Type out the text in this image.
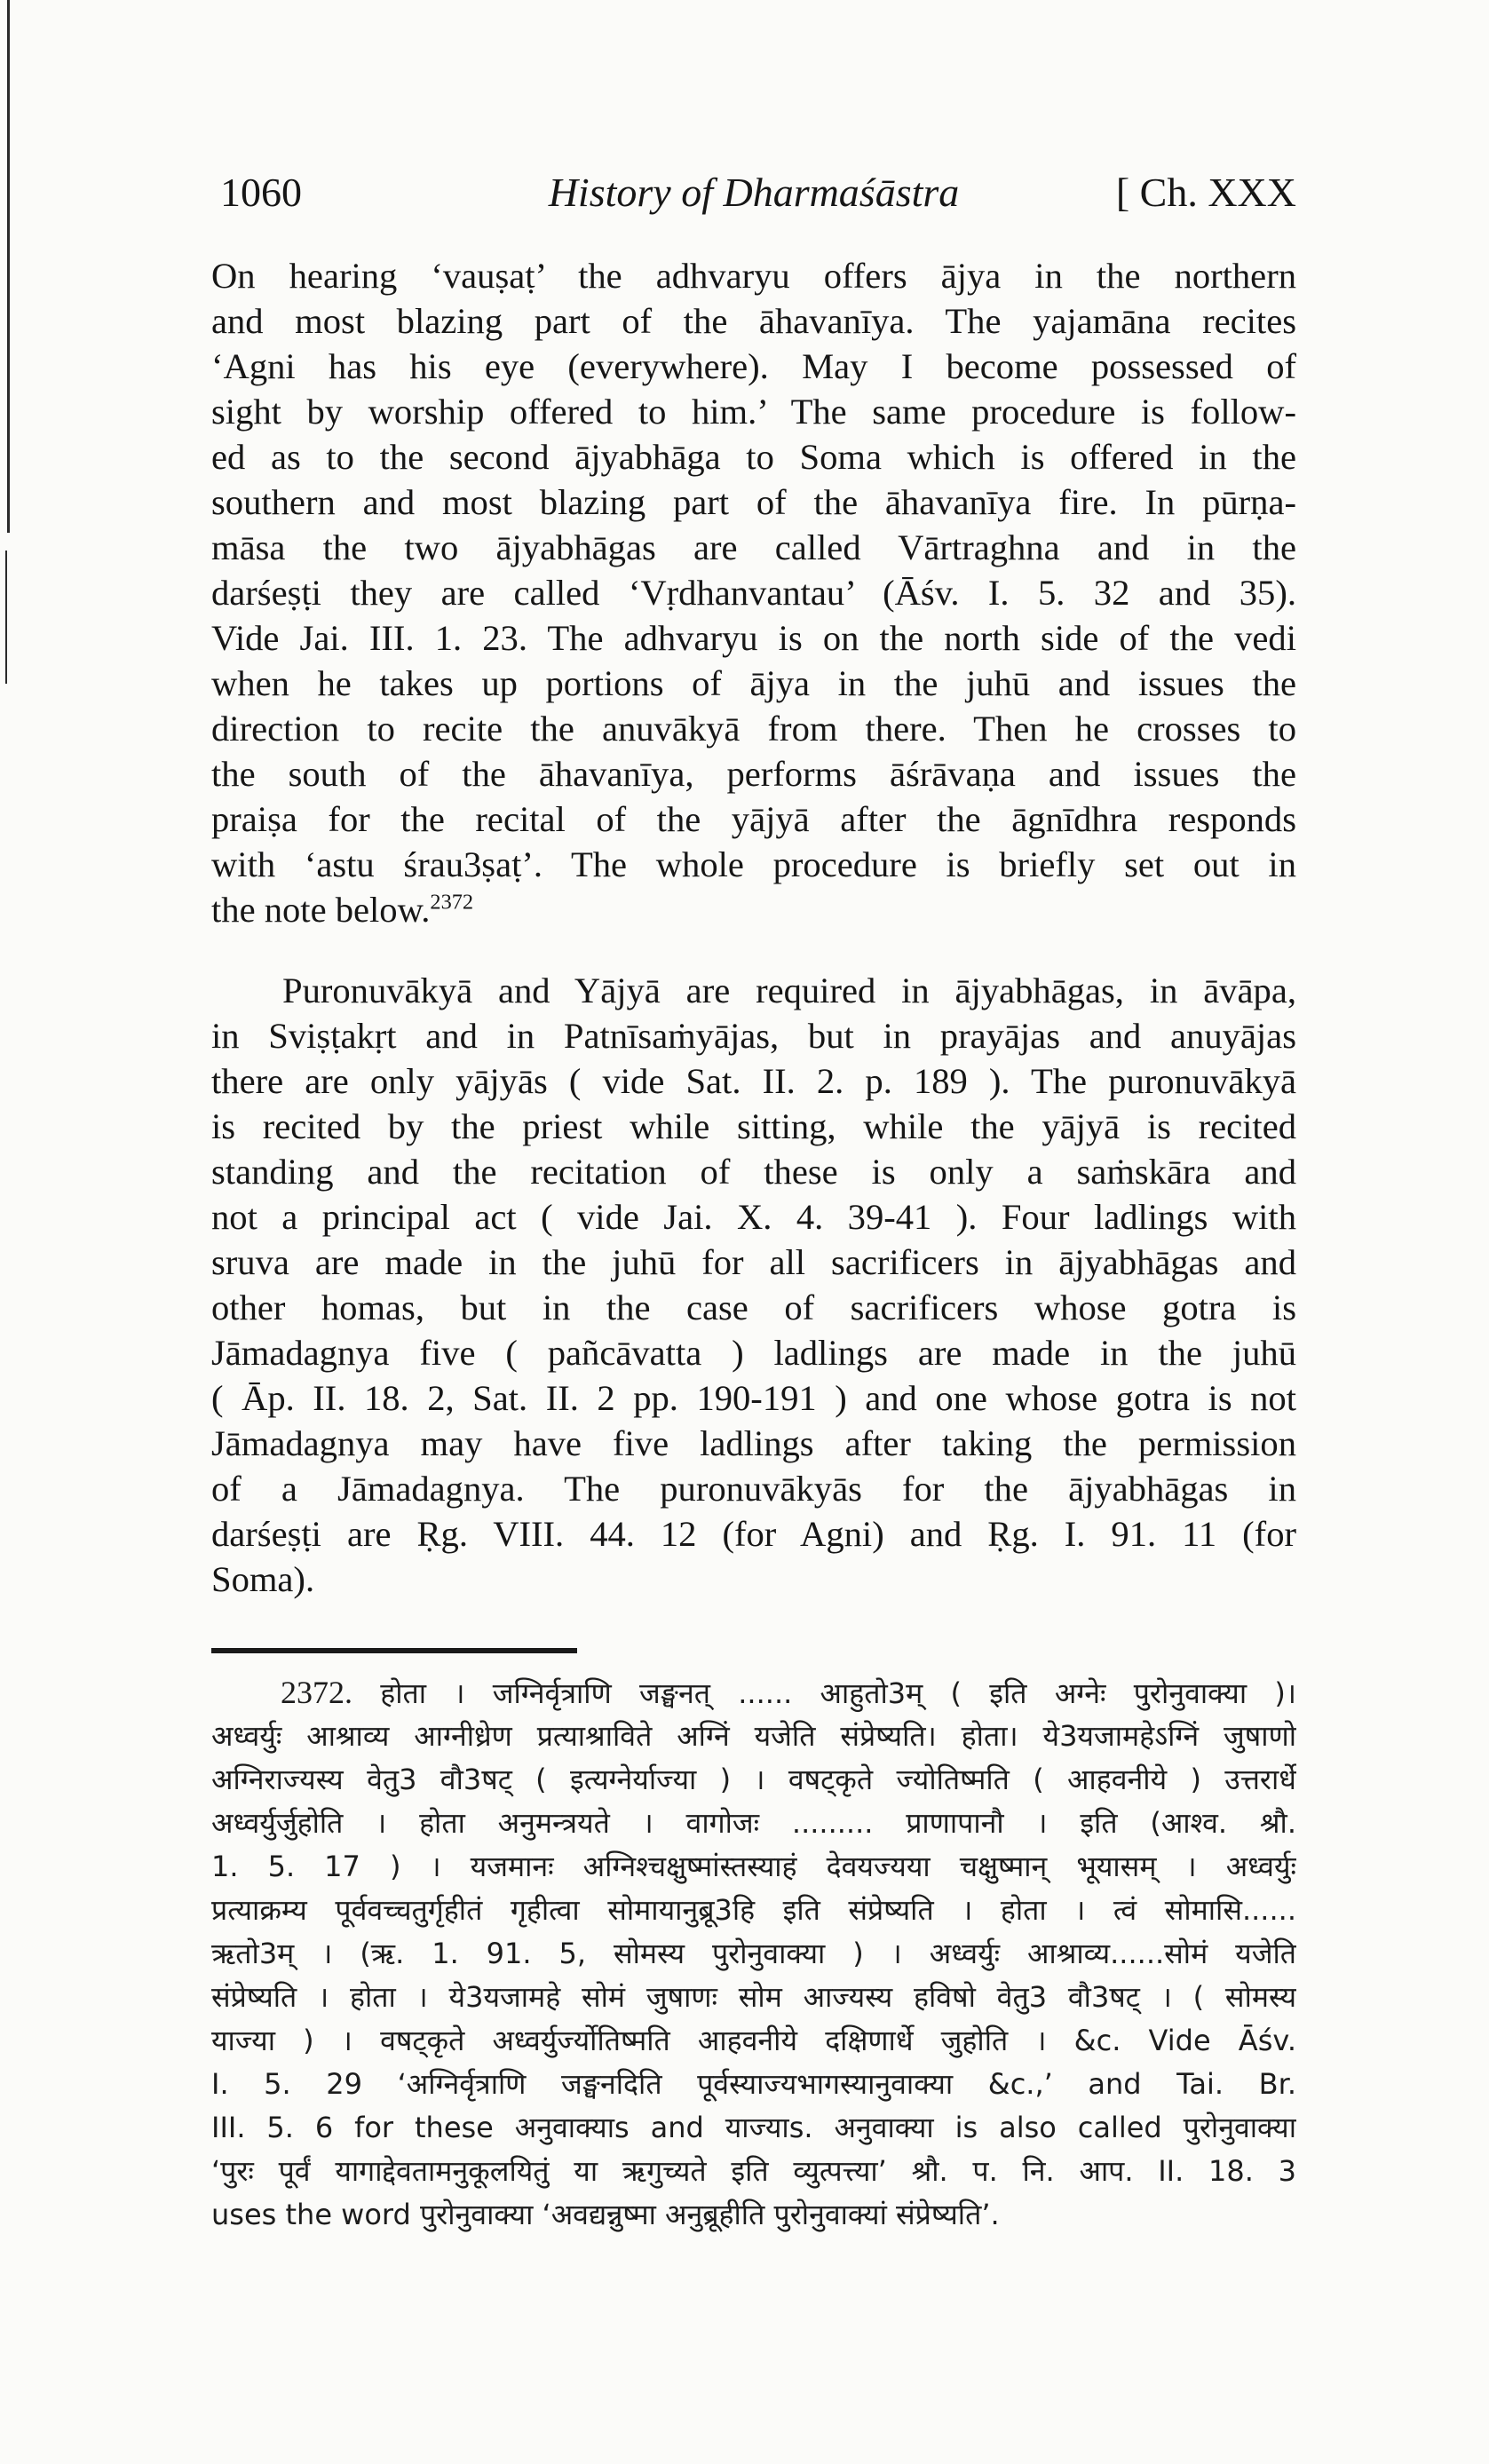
1060	History of Dharmaśāstra	[ Ch. XXX
On hearing ‘vauṣaṭ’ the adhvaryu offers ājya in the northern
and most blazing part of the āhavanīya. The yajamāna recites
‘Agni has his eye (everywhere). May I become possessed of
sight by worship offered to him.’ The same procedure is follow-
ed as to the second ājyabhāga to Soma which is offered in the
southern and most blazing part of the āhavanīya fire. In pūrṇa-
māsa the two ājyabhāgas are called Vārtraghna and in the
darśeṣṭi they are called ‘Vṛdhanvantau’ (Āśv. I. 5. 32 and 35).
Vide Jai. III. 1. 23. The adhvaryu is on the north side of the vedi
when he takes up portions of ājya in the juhū and issues the
direction to recite the anuvākyā from there. Then he crosses to
the south of the āhavanīya, performs āśrāvaṇa and issues the
praiṣa for the recital of the yājyā after the āgnīdhra responds
with ‘astu śrau3ṣaṭ’. The whole procedure is briefly set out in
the note below.$^{2372}$
Puronuvākyā and Yājyā are required in ājyabhāgas, in āvāpa,
in Sviṣṭakṛt and in Patnīsaṁyājas, but in prayājas and anuyājas
there are only yājyās ( vide Sat. II. 2. p. 189 ). The puronuvākyā
is recited by the priest while sitting, while the yājyā is recited
standing and the recitation of these is only a saṁskāra and
not a principal act ( vide Jai. X. 4. 39-41 ). Four ladlings with
sruva are made in the juhū for all sacrificers in ājyabhāgas and
other homas, but in the case of sacrificers whose gotra is
Jāmadagnya five ( pañcāvatta ) ladlings are made in the juhū
( Āp. II. 18. 2, Sat. II. 2 pp. 190-191 ) and one whose gotra is not
Jāmadagnya may have five ladlings after taking the permission
of a Jāmadagnya. The puronuvākyās for the ājyabhāgas in
darśeṣṭi are Ṛg. VIII. 44. 12 (for Agni) and Ṛg. I. 91. 11 (for
Soma).
2372. होता । जग्निर्वृत्राणि जङ्घनत् ...... आहुतो3म् ( इति अग्नेः पुरोनुवाक्या )।
अध्वर्युः आश्राव्य आग्नीध्रेण प्रत्याश्राविते अग्निं यजेति संप्रेष्यति। होता। ये3यजामहेऽग्निं जुषाणो
अग्निराज्यस्य वेतु3 वौ3षट् ( इत्यग्नेर्याज्या ) । वषट्कृते ज्योतिष्मति ( आहवनीये ) उत्तरार्धे
अध्वर्युर्जुहोति । होता अनुमन्त्रयते । वागोजः ......... प्राणापानौ । इति (आश्व. श्रौ.
1. 5. 17 ) । यजमानः अग्निश्चक्षुष्मांस्तस्याहं देवयज्यया चक्षुष्मान् भूयासम् । अध्वर्युः
प्रत्याक्रम्य पूर्ववच्चतुर्गृहीतं गृहीत्वा सोमायानुब्रू3हि इति संप्रेष्यति । होता । त्वं सोमासि......
ऋतो3म् । (ऋ. 1. 91. 5, सोमस्य पुरोनुवाक्या ) । अध्वर्युः आश्राव्य......सोमं यजेति
संप्रेष्यति । होता । ये3यजामहे सोमं जुषाणः सोम आज्यस्य हविषो वेतु3 वौ3षट् । ( सोमस्य
याज्या ) । वषट्कृते अध्वर्युर्ज्योतिष्मति आहवनीये दक्षिणार्धे जुहोति । &c. Vide Āśv.
I. 5. 29 ‘अग्निर्वृत्राणि जङ्घनदिति पूर्वस्याज्यभागस्यानुवाक्या &c.,’ and Tai. Br.
III. 5. 6 for these अनुवाक्याs and याज्याs. अनुवाक्या is also called पुरोनुवाक्या
‘पुरः पूर्वं यागाद्देवतामनुकूलयितुं या ऋगुच्यते इति व्युत्पत्त्या’ श्रौ. प. नि. आप. II. 18. 3
uses the word पुरोनुवाक्या ‘अवद्यन्नुष्मा अनुब्रूहीति पुरोनुवाक्यां संप्रेष्यति’.
